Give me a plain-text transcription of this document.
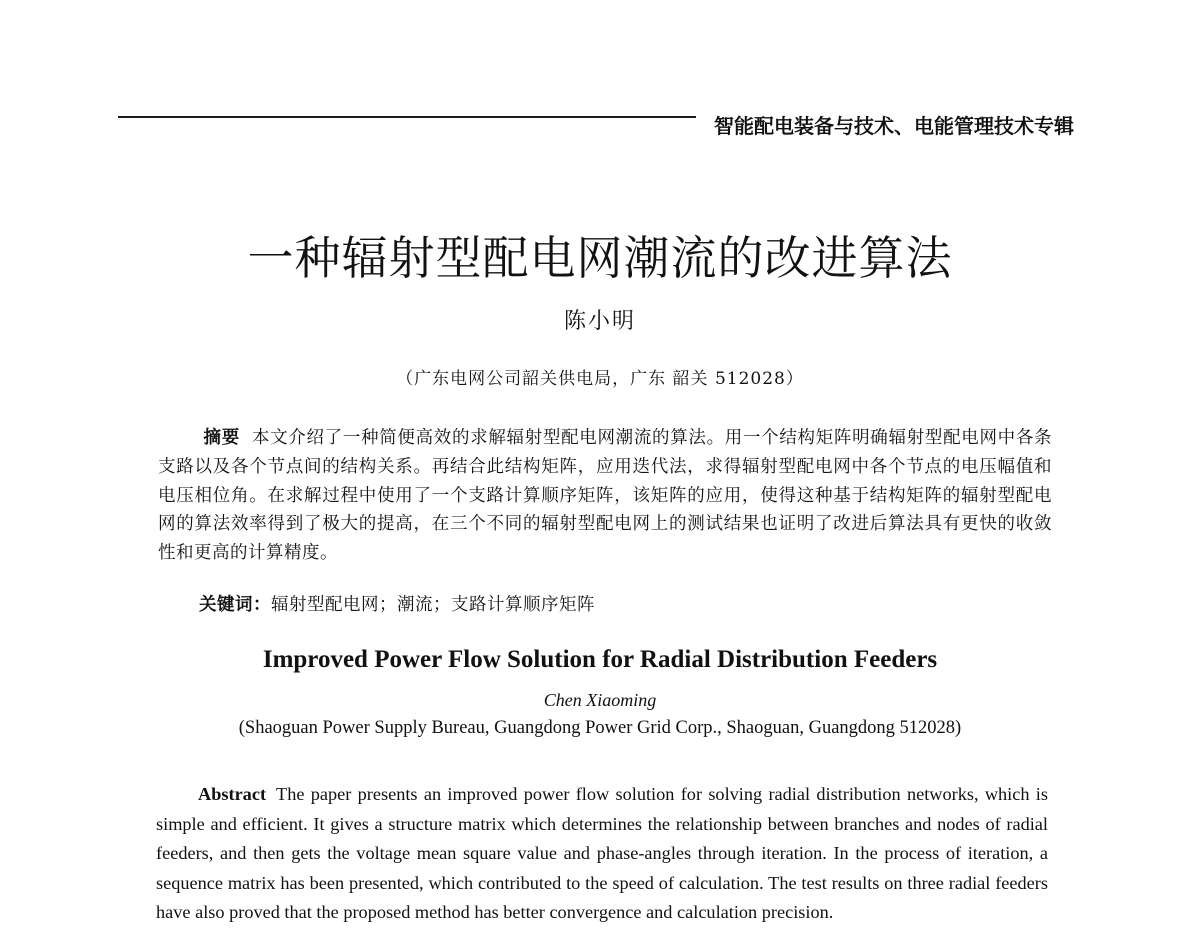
智能配电装备与技术、电能管理技术专辑
一种辐射型配电网潮流的改进算法
陈小明
（广东电网公司韶关供电局，广东 韶关 512028）
摘要 本文介绍了一种简便高效的求解辐射型配电网潮流的算法。用一个结构矩阵明确辐射型配电网中各条支路以及各个节点间的结构关系。再结合此结构矩阵，应用迭代法，求得辐射型配电网中各个节点的电压幅值和电压相位角。在求解过程中使用了一个支路计算顺序矩阵，该矩阵的应用，使得这种基于结构矩阵的辐射型配电网的算法效率得到了极大的提高，在三个不同的辐射型配电网上的测试结果也证明了改进后算法具有更快的收敛性和更高的计算精度。
关键词：辐射型配电网；潮流；支路计算顺序矩阵
Improved Power Flow Solution for Radial Distribution Feeders
Chen Xiaoming
(Shaoguan Power Supply Bureau, Guangdong Power Grid Corp., Shaoguan, Guangdong 512028)
Abstract The paper presents an improved power flow solution for solving radial distribution networks, which is simple and efficient. It gives a structure matrix which determines the relationship between branches and nodes of radial feeders, and then gets the voltage mean square value and phase-angles through iteration. In the process of iteration, a sequence matrix has been presented, which contributed to the speed of calculation. The test results on three radial feeders have also proved that the proposed method has better convergence and calculation precision.
